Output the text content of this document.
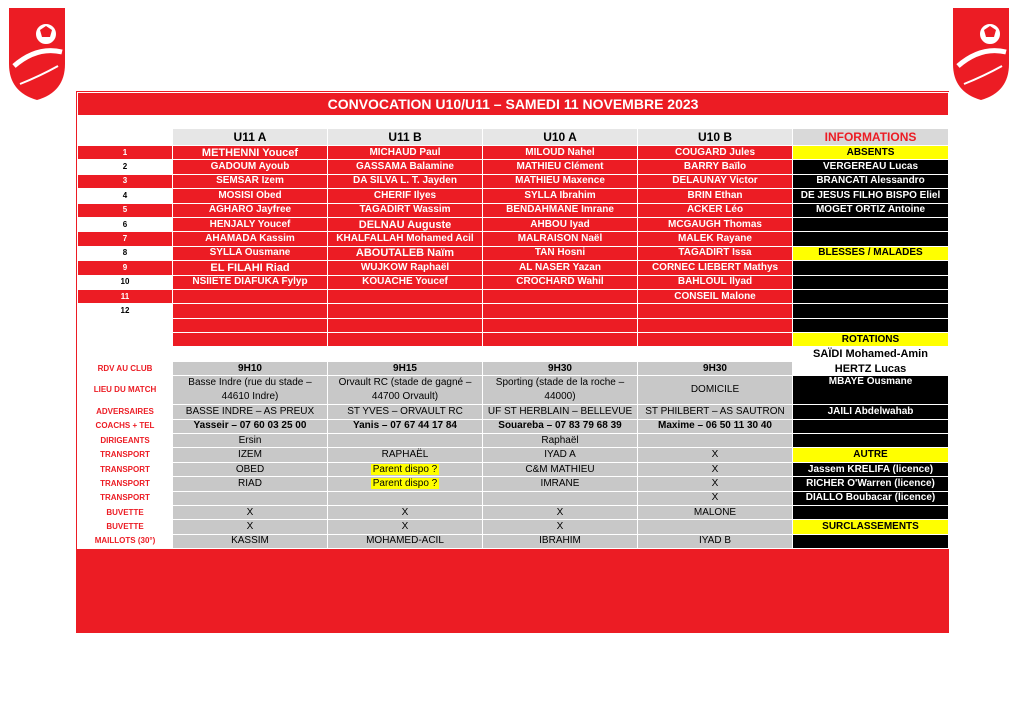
CONVOCATION U10/U11 – SAMEDI 11 NOVEMBRE 2023					

	U11 A	U11 B	U10 A	U10 B	INFORMATIONS
1	METHENNI Youcef	MICHAUD Paul	MILOUD Nahel	COUGARD Jules	ABSENTS
2	GADOUM Ayoub	GASSAMA Balamine	MATHIEU Clément	BARRY Baïlo	VERGEREAU Lucas
3	SEMSAR Izem	DA SILVA L. T. Jayden	MATHIEU Maxence	DELAUNAY Victor	BRANCATI Alessandro
4	MOSISI Obed	CHERIF Ilyes	SYLLA Ibrahim	BRIN Ethan	DE JESUS FILHO BISPO Eliel
5	AGHARO Jayfree	TAGADIRT Wassim	BENDAHMANE Imrane	ACKER Léo	MOGET ORTIZ Antoine
6	HENJALY Youcef	DELNAU Auguste	AHBOU Iyad	MCGAUGH Thomas	
7	AHAMADA Kassim	KHALFALLAH Mohamed Acil	MALRAISON Naël	MALEK Rayane	
8	SYLLA Ousmane	ABOUTALEB Naïm	TAN Hosni	TAGADIRT Issa	BLESSES / MALADES
9	EL FILAHI Riad	WUJKOW Raphaël	AL NASER Yazan	CORNEC LIEBERT Mathys	
10	NSIIETE DIAFUKA Fylyp	KOUACHE Youcef	CROCHARD Wahil	BAHLOUL Ilyad	
11				CONSEIL Malone	
12					

					ROTATIONS
					SAÏDI Mohamed-Amin
RDV AU CLUB	9H10	9H15	9H30	9H30	HERTZ Lucas
LIEU DU MATCH	Basse Indre (rue du stade – 44610 Indre)	Orvault RC (stade de gagné – 44700 Orvault)	Sporting (stade de la roche – 44000)	DOMICILE	MBAYE Ousmane
ADVERSAIRES	BASSE INDRE – AS PREUX	ST YVES – ORVAULT RC	UF ST HERBLAIN – BELLEVUE	ST PHILBERT – AS SAUTRON	JAILI Abdelwahab
COACHS + TEL	Yasseir – 07 60 03 25 00	Yanis – 07 67 44 17 84	Souareba – 07 83 79 68 39	Maxime – 06 50 11 30 40	
DIRIGEANTS	Ersin		Raphaël		
TRANSPORT	IZEM	RAPHAËL	IYAD A	X	AUTRE
TRANSPORT	OBED	Parent dispo ?	C&M MATHIEU	X	Jassem KRELIFA (licence)
TRANSPORT	RIAD	Parent dispo ?	IMRANE	X	RICHER O'Warren (licence)
TRANSPORT				X	DIALLO Boubacar (licence)
BUVETTE	X	X	X	MALONE	
BUVETTE	X	X	X		SURCLASSEMENTS
MAILLOTS (30°)	KASSIM	MOHAMED-ACIL	IBRAHIM	IYAD B	
